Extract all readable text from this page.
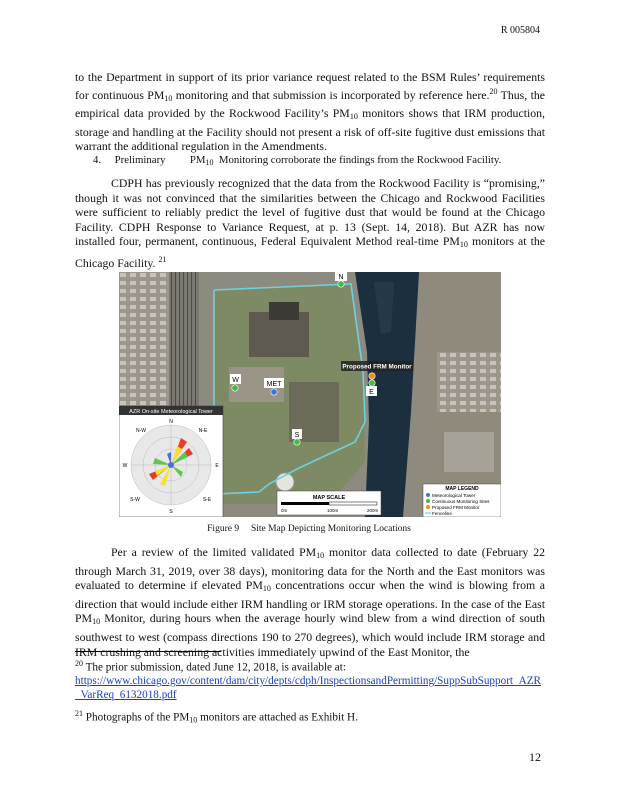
R 005804

to the Department in support of its prior variance request related to the BSM Rules’ requirements for continuous $PM_{10}$ monitoring and that submission is incorporated by reference here.$^{20}$ Thus, the empirical data provided by the Rockwood Facility’s $PM_{10}$ monitors shows that IRM production, storage and handling at the Facility should not present a risk of off-site fugitive dust emissions that warrant the additional regulation in the Amendments.

4. Preliminary $PM_{10}$ Monitoring corroborate the findings from the Rockwood Facility.

CDPH has previously recognized that the data from the Rockwood Facility is “promising,” though it was not convinced that the similarities between the Chicago and Rockwood Facilities were sufficient to reliably predict the level of fugitive dust that would be found at the Chicago Facility. CDPH Response to Variance Request, at p. 13 (Sept. 14, 2018). But AZR has now installed four, permanent, continuous, Federal Equivalent Method real-time $PM_{10}$ monitors at the Chicago Facility. $^{21}$

N
Proposed FRM Monitor
E
W
MET
S
AZR On-site Meteorological Tower
N
N-W	N-E
W	E
S-W	S-E
S
MAP SCALE
0m	100m	200m
MAP LEGEND
Meteorological Tower
Continuous Monitoring Sites
Proposed FRM Monitor
Fenceline
Figure 9 Site Map Depicting Monitoring Locations

Per a review of the limited validated $PM_{10}$ monitor data collected to date (February 22 through March 31, 2019, over 38 days), monitoring data for the North and the East monitors was evaluated to determine if elevated $PM_{10}$ concentrations occur when the wind is blowing from a direction that would include either IRM handling or IRM storage operations. In the case of the East $PM_{10}$ Monitor, during hours when the average hourly wind blew from a wind direction of south southwest to west (compass directions 190 to 270 degrees), which would include IRM storage and IRM crushing and screening activities immediately upwind of the East Monitor, the

$^{20}$ The prior submission, dated June 12, 2018, is available at:
https://www.chicago.gov/content/dam/city/depts/cdph/InspectionsandPermitting/SuppSubSupport_AZR_VarReq_6132018.pdf
$^{21}$ Photographs of the $PM_{10}$ monitors are attached as Exhibit H.
12
